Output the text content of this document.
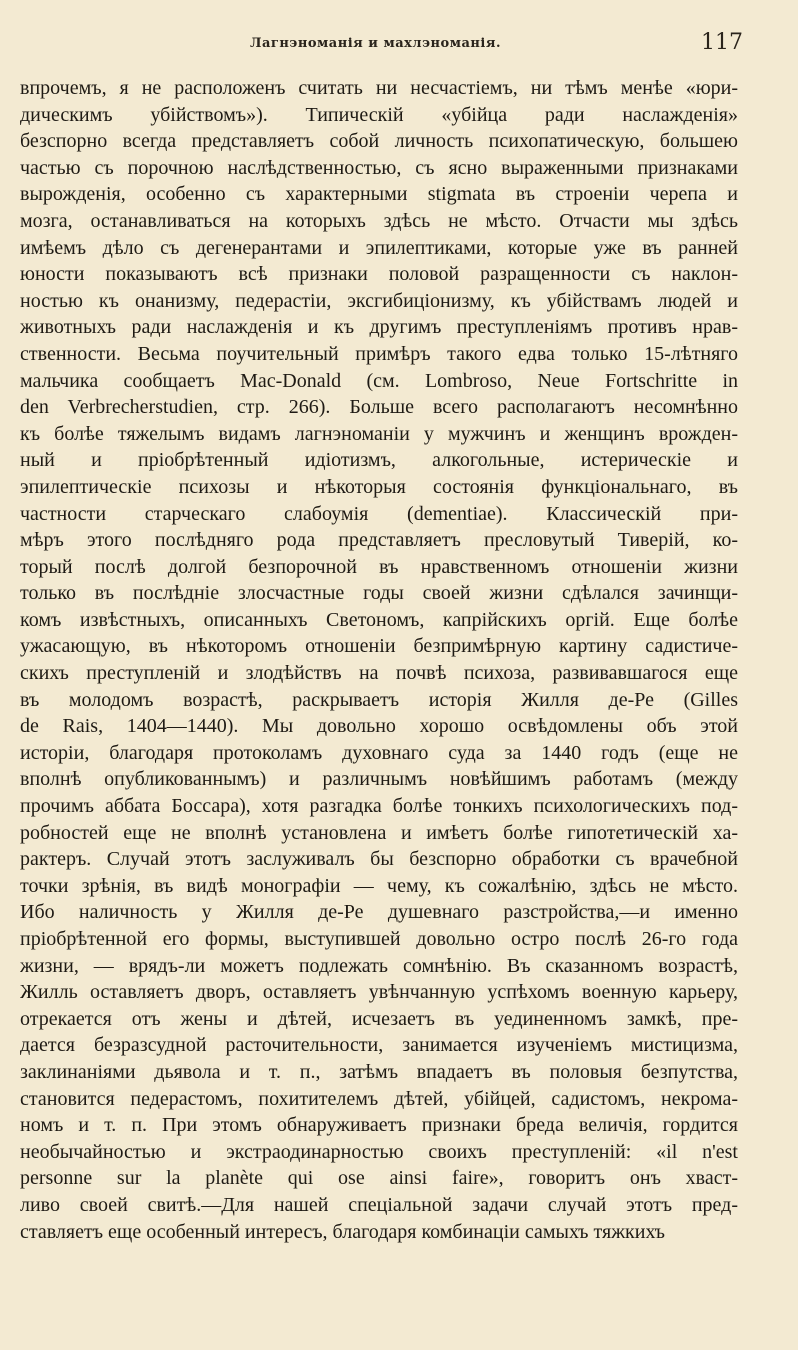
Лагнэноманія и махлэноманія.	117
впрочемъ, я не расположенъ считать ни несчастіемъ, ни тѣмъ менѣе «юри-
дическимъ убійствомъ»). Типическій «убійца ради наслажденія»
безспорно всегда представляетъ собой личность психопатическую, большею
частью съ порочною наслѣдственностью, съ ясно выраженными признаками
вырожденія, особенно съ характерными stigmata въ строеніи черепа и
мозга, останавливаться на которыхъ здѣсь не мѣсто. Отчасти мы здѣсь
имѣемъ дѣло съ дегенерантами и эпилептиками, которые уже въ ранней
юности показываютъ всѣ признаки половой разращенности съ наклон-
ностью къ онанизму, педерастіи, эксгибиціонизму, къ убійствамъ людей и
животныхъ ради наслажденія и къ другимъ преступленіямъ противъ нрав-
ственности. Весьма поучительный примѣръ такого едва только 15-лѣтняго
мальчика сообщаетъ Mac-Donald (см. Lombroso, Neue Fortschritte in
den Verbrecherstudien, стр. 266). Больше всего располагаютъ несомнѣнно
къ болѣе тяжелымъ видамъ лагнэноманіи у мужчинъ и женщинъ врожден-
ный и пріобрѣтенный идіотизмъ, алкогольные, истерическіе и
эпилептическіе психозы и нѣкоторыя состоянія функціональнаго, въ
частности старческаго слабоумія (dementiae). Классическій при-
мѣръ этого послѣдняго рода представляетъ пресловутый Тиверій, ко-
торый послѣ долгой безпорочной въ нравственномъ отношеніи жизни
только въ послѣдніе злосчастные годы своей жизни сдѣлался зачинщи-
комъ извѣстныхъ, описанныхъ Светономъ, капрійскихъ оргій. Еще болѣе
ужасающую, въ нѣкоторомъ отношеніи безпримѣрную картину садистиче-
скихъ преступленій и злодѣйствъ на почвѣ психоза, развивавшагося еще
въ молодомъ возрастѣ, раскрываетъ исторія Жилля де-Ре (Gilles
de Rais, 1404—1440). Мы довольно хорошо освѣдомлены объ этой
исторіи, благодаря протоколамъ духовнаго суда за 1440 годъ (еще не
вполнѣ опубликованнымъ) и различнымъ новѣйшимъ работамъ (между
прочимъ аббата Боссара), хотя разгадка болѣе тонкихъ психологическихъ под-
робностей еще не вполнѣ установлена и имѣетъ болѣе гипотетическій ха-
рактеръ. Случай этотъ заслуживалъ бы безспорно обработки съ врачебной
точки зрѣнія, въ видѣ монографіи — чему, къ сожалѣнію, здѣсь не мѣсто.
Ибо наличность у Жилля де-Ре душевнаго разстройства,—и именно
пріобрѣтенной его формы, выступившей довольно остро послѣ 26-го года
жизни, — врядъ-ли можетъ подлежать сомнѣнію. Въ сказанномъ возрастѣ,
Жилль оставляетъ дворъ, оставляетъ увѣнчанную успѣхомъ военную карьеру,
отрекается отъ жены и дѣтей, исчезаетъ въ уединенномъ замкѣ, пре-
дается безразсудной расточительности, занимается изученіемъ мистицизма,
заклинаніями дьявола и т. п., затѣмъ впадаетъ въ половыя безпутства,
становится педерастомъ, похитителемъ дѣтей, убійцей, садистомъ, некрома-
номъ и т. п. При этомъ обнаруживаетъ признаки бреда величія, гордится
необычайностью и экстраодинарностью своихъ преступленій: «il n'est
personne sur la planète qui ose ainsi faire», говоритъ онъ хваст-
ливо своей свитѣ.—Для нашей спеціальной задачи случай этотъ пред-
ставляетъ еще особенный интересъ, благодаря комбинаціи самыхъ тяжкихъ
